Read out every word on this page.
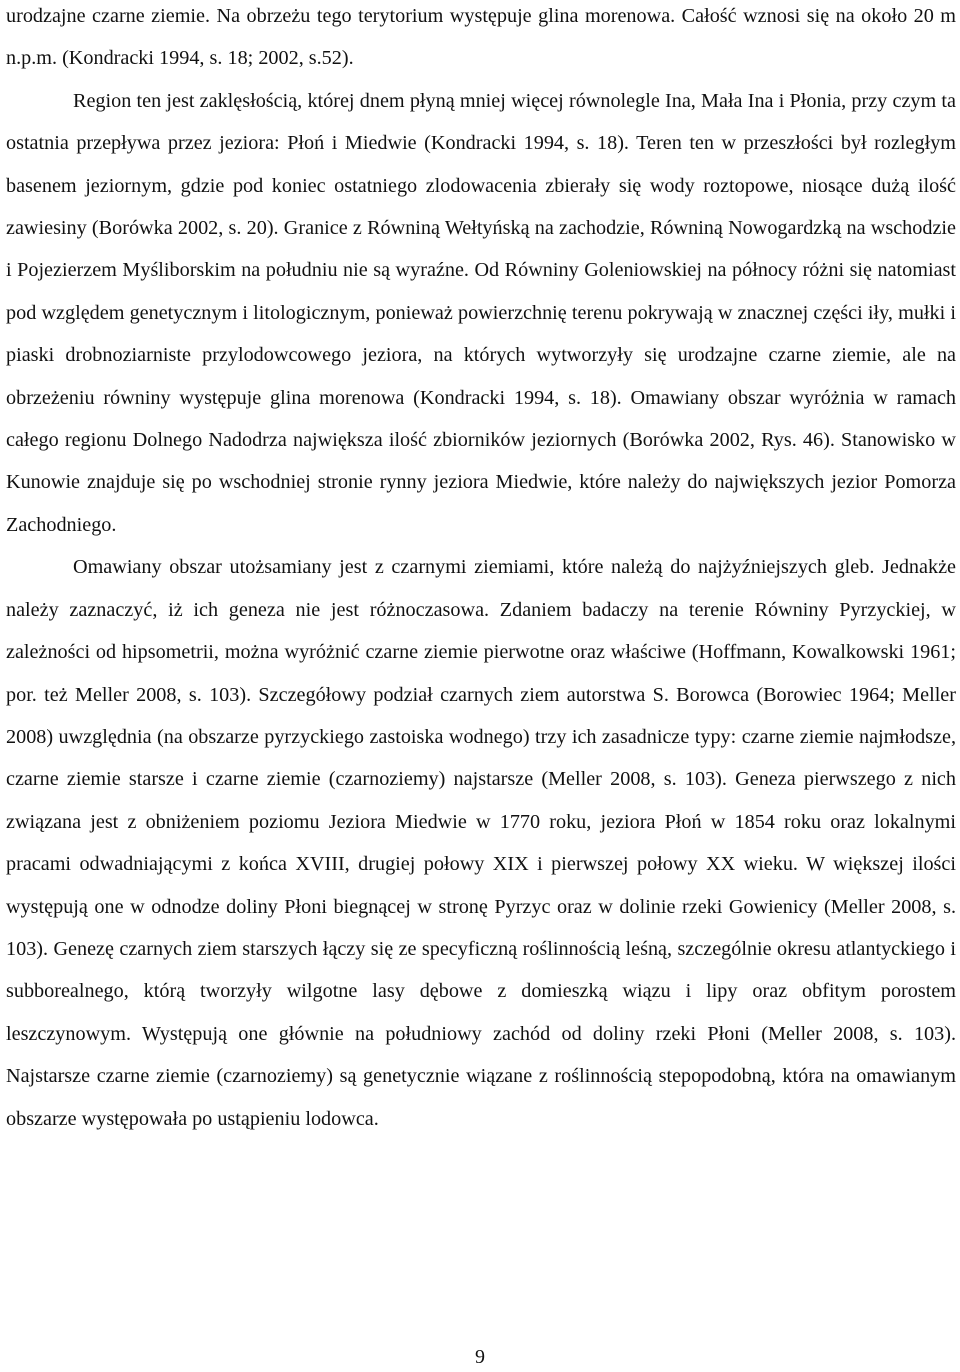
urodzajne czarne ziemie. Na obrzeżu tego terytorium występuje glina morenowa. Całość wznosi się na około 20 m n.p.m. (Kondracki 1994, s. 18; 2002, s.52).

Region ten jest zaklęsłością, której dnem płyną mniej więcej równolegle Ina, Mała Ina i Płonia, przy czym ta ostatnia przepływa przez jeziora: Płoń i Miedwie (Kondracki 1994, s. 18). Teren ten w przeszłości był rozległym basenem jeziornym, gdzie pod koniec ostatniego zlodowacenia zbierały się wody roztopowe, niosące dużą ilość zawiesiny (Borówka 2002, s. 20). Granice z Równiną Wełtyńską na zachodzie, Równiną Nowogardzką na wschodzie i Pojezierzem Myśliborskim na południu nie są wyraźne. Od Równiny Goleniowskiej na północy różni się natomiast pod względem genetycznym i litologicznym, ponieważ powierzchnię terenu pokrywają w znacznej części iły, mułki i piaski drobnoziarniste przylodowcowego jeziora, na których wytworzyły się urodzajne czarne ziemie, ale na obrzeżeniu równiny występuje glina morenowa (Kondracki 1994, s. 18). Omawiany obszar wyróżnia w ramach całego regionu Dolnego Nadodrza największa ilość zbiorników jeziornych (Borówka 2002, Rys. 46). Stanowisko w Kunowie znajduje się po wschodniej stronie rynny jeziora Miedwie, które należy do największych jezior Pomorza Zachodniego.

Omawiany obszar utożsamiany jest z czarnymi ziemiami, które należą do najżyźniejszych gleb. Jednakże należy zaznaczyć, iż ich geneza nie jest różnoczasowa. Zdaniem badaczy na terenie Równiny Pyrzyckiej, w zależności od hipsometrii, można wyróżnić czarne ziemie pierwotne oraz właściwe (Hoffmann, Kowalkowski 1961; por. też Meller 2008, s. 103). Szczegółowy podział czarnych ziem autorstwa S. Borowca (Borowiec 1964; Meller 2008) uwzględnia (na obszarze pyrzyckiego zastoiska wodnego) trzy ich zasadnicze typy: czarne ziemie najmłodsze, czarne ziemie starsze i czarne ziemie (czarnoziemy) najstarsze (Meller 2008, s. 103). Geneza pierwszego z nich związana jest z obniżeniem poziomu Jeziora Miedwie w 1770 roku, jeziora Płoń w 1854 roku oraz lokalnymi pracami odwadniającymi z końca XVIII, drugiej połowy XIX i pierwszej połowy XX wieku. W większej ilości występują one w odnodze doliny Płoni biegnącej w stronę Pyrzyc oraz w dolinie rzeki Gowienicy (Meller 2008, s. 103). Genezę czarnych ziem starszych łączy się ze specyficzną roślinnością leśną, szczególnie okresu atlantyckiego i subborealnego, którą tworzyły wilgotne lasy dębowe z domieszką wiązu i lipy oraz obfitym porostem leszczynowym. Występują one głównie na południowy zachód od doliny rzeki Płoni (Meller 2008, s. 103). Najstarsze czarne ziemie (czarnoziemy) są genetycznie wiązane z roślinnością stepopodobną, która na omawianym obszarze występowała po ustąpieniu lodowca.

9
